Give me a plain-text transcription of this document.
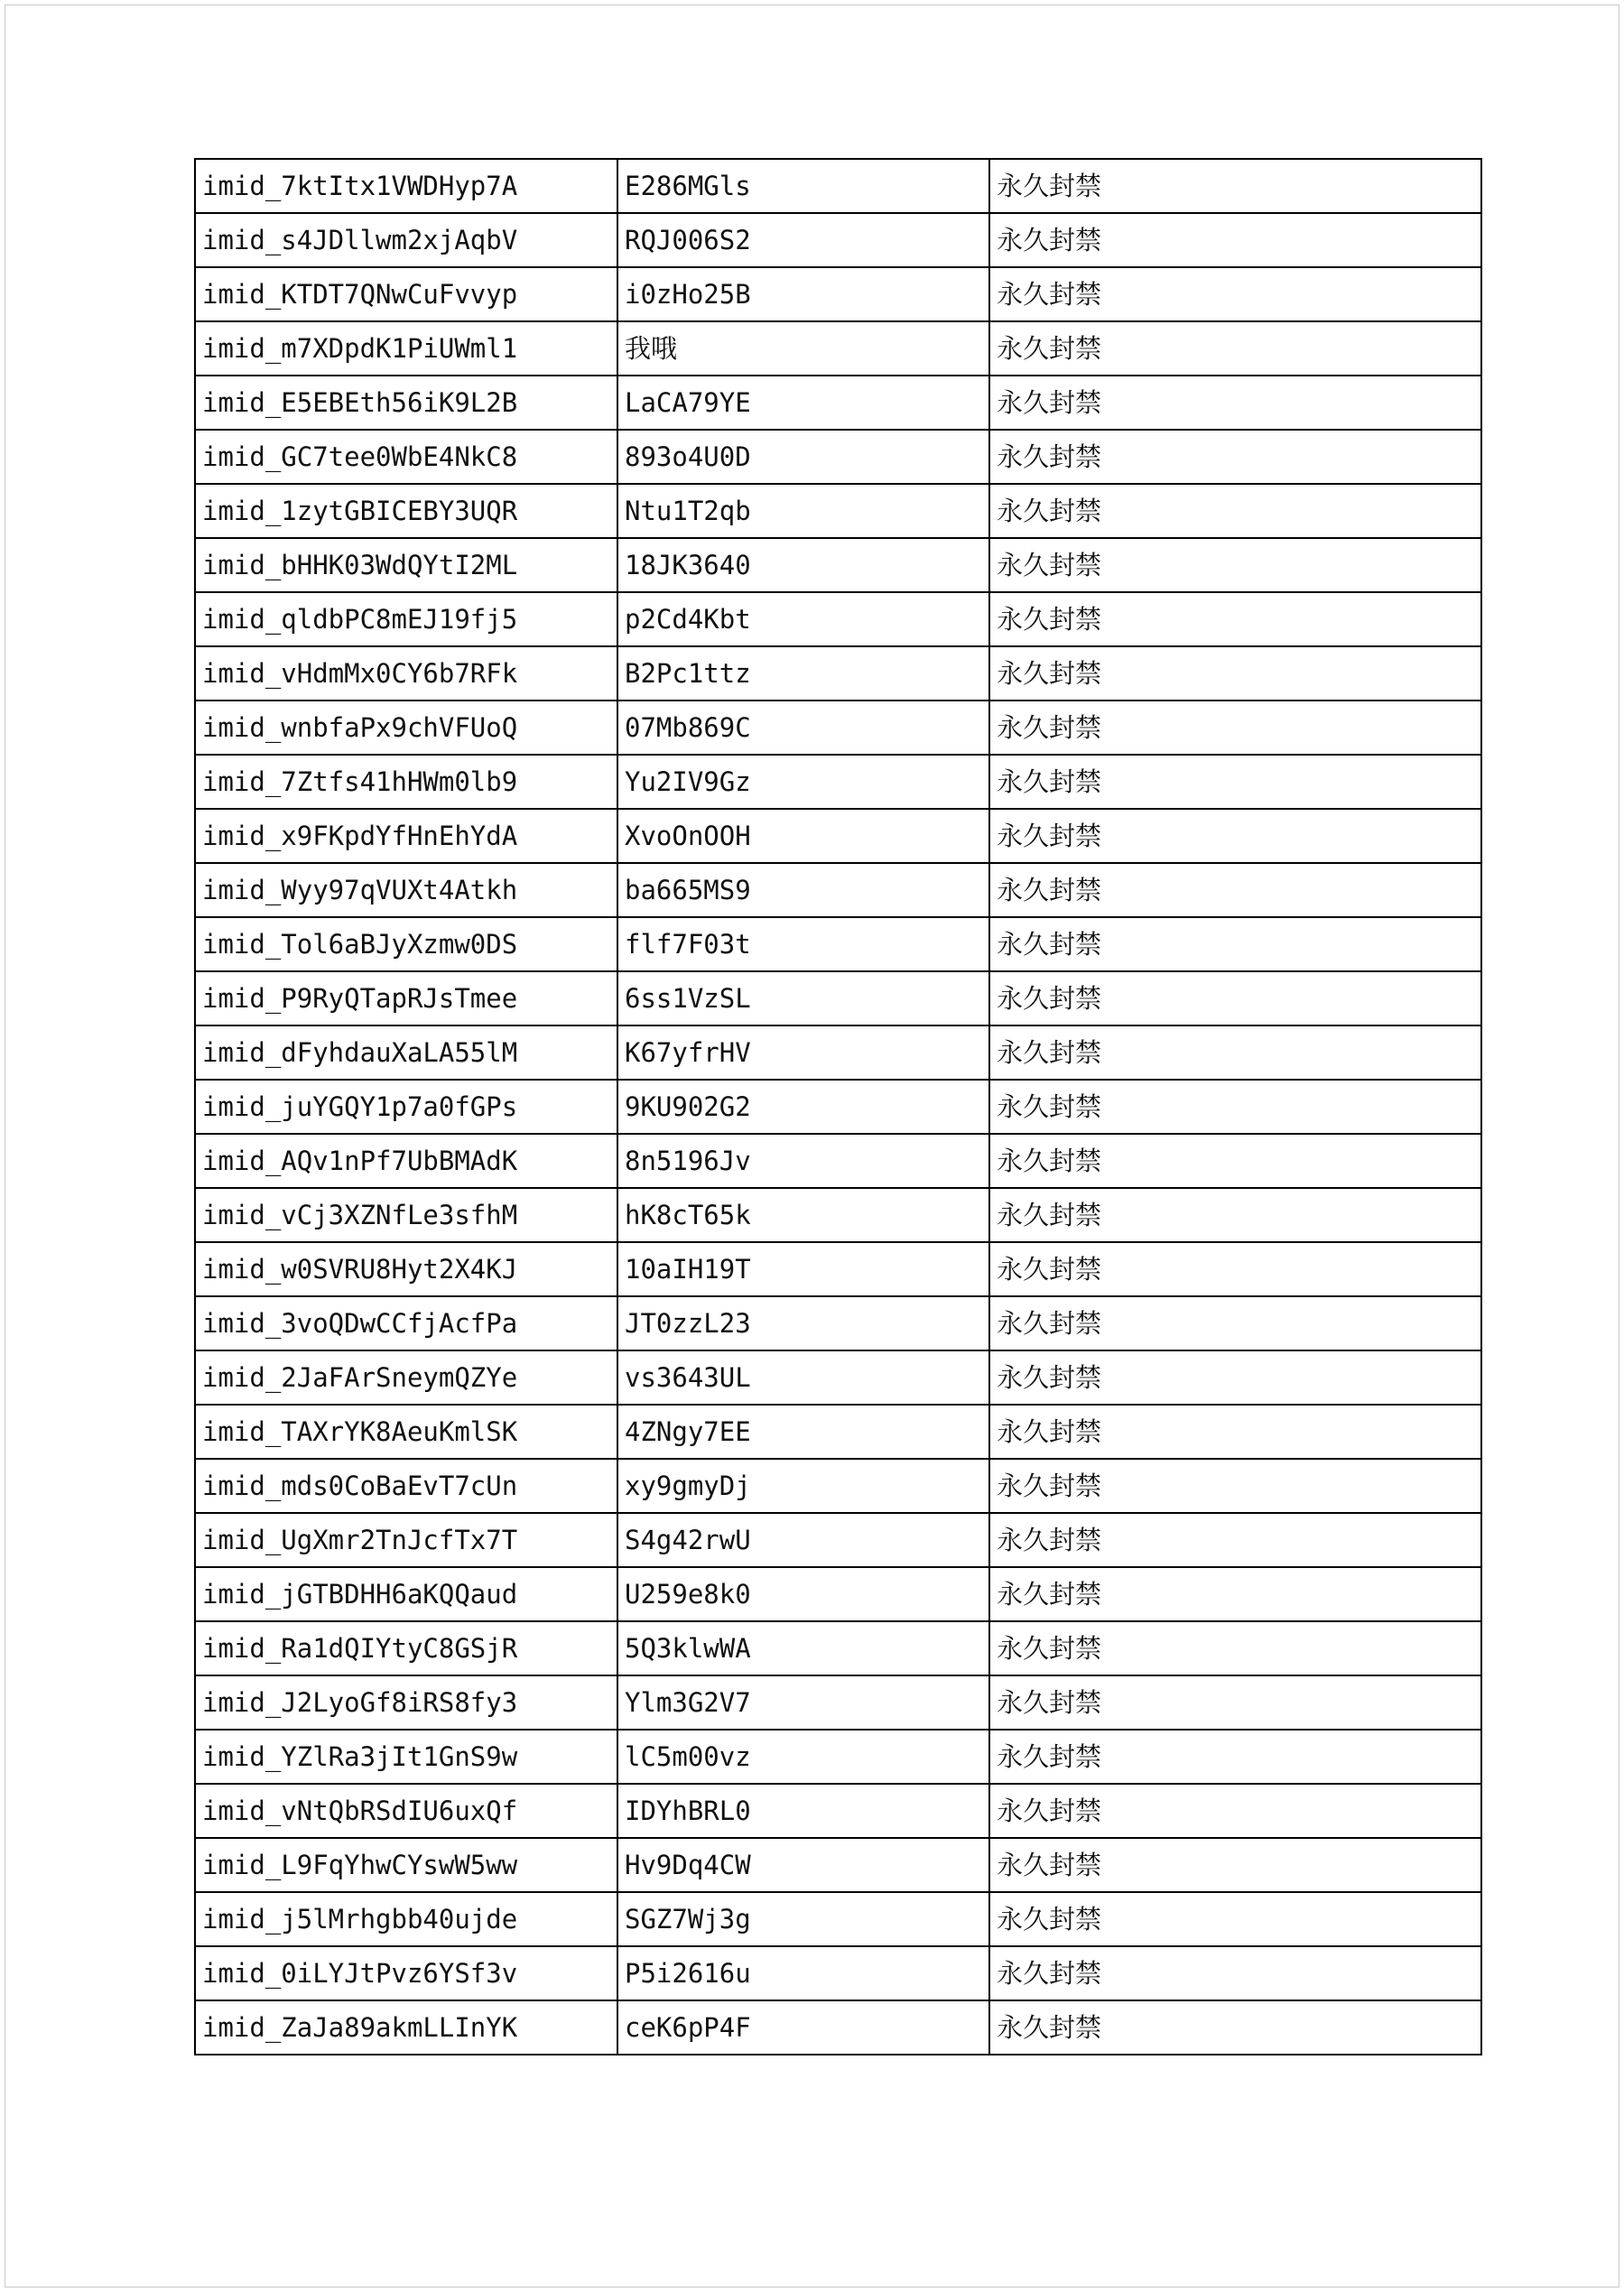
imid_7ktItx1VWDHyp7A	E286MGls	永久封禁
imid_s4JDllwm2xjAqbV	RQJ006S2	永久封禁
imid_KTDT7QNwCuFvvyp	i0zHo25B	永久封禁
imid_m7XDpdK1PiUWml1	我哦	永久封禁
imid_E5EBEth56iK9L2B	LaCA79YE	永久封禁
imid_GC7tee0WbE4NkC8	893o4U0D	永久封禁
imid_1zytGBICEBY3UQR	Ntu1T2qb	永久封禁
imid_bHHK03WdQYtI2ML	18JK3640	永久封禁
imid_qldbPC8mEJ19fj5	p2Cd4Kbt	永久封禁
imid_vHdmMx0CY6b7RFk	B2Pc1ttz	永久封禁
imid_wnbfaPx9chVFUoQ	07Mb869C	永久封禁
imid_7Ztfs41hHWm0lb9	Yu2IV9Gz	永久封禁
imid_x9FKpdYfHnEhYdA	XvoOnOOH	永久封禁
imid_Wyy97qVUXt4Atkh	ba665MS9	永久封禁
imid_Tol6aBJyXzmw0DS	flf7F03t	永久封禁
imid_P9RyQTapRJsTmee	6ss1VzSL	永久封禁
imid_dFyhdauXaLA55lM	K67yfrHV	永久封禁
imid_juYGQY1p7a0fGPs	9KU902G2	永久封禁
imid_AQv1nPf7UbBMAdK	8n5196Jv	永久封禁
imid_vCj3XZNfLe3sfhM	hK8cT65k	永久封禁
imid_w0SVRU8Hyt2X4KJ	10aIH19T	永久封禁
imid_3voQDwCCfjAcfPa	JT0zzL23	永久封禁
imid_2JaFArSneymQZYe	vs3643UL	永久封禁
imid_TAXrYK8AeuKmlSK	4ZNgy7EE	永久封禁
imid_mds0CoBaEvT7cUn	xy9gmyDj	永久封禁
imid_UgXmr2TnJcfTx7T	S4g42rwU	永久封禁
imid_jGTBDHH6aKQQaud	U259e8k0	永久封禁
imid_Ra1dQIYtyC8GSjR	5Q3klwWA	永久封禁
imid_J2LyoGf8iRS8fy3	Ylm3G2V7	永久封禁
imid_YZlRa3jIt1GnS9w	lC5m00vz	永久封禁
imid_vNtQbRSdIU6uxQf	IDYhBRL0	永久封禁
imid_L9FqYhwCYswW5ww	Hv9Dq4CW	永久封禁
imid_j5lMrhgbb40ujde	SGZ7Wj3g	永久封禁
imid_0iLYJtPvz6YSf3v	P5i2616u	永久封禁
imid_ZaJa89akmLLInYK	ceK6pP4F	永久封禁
